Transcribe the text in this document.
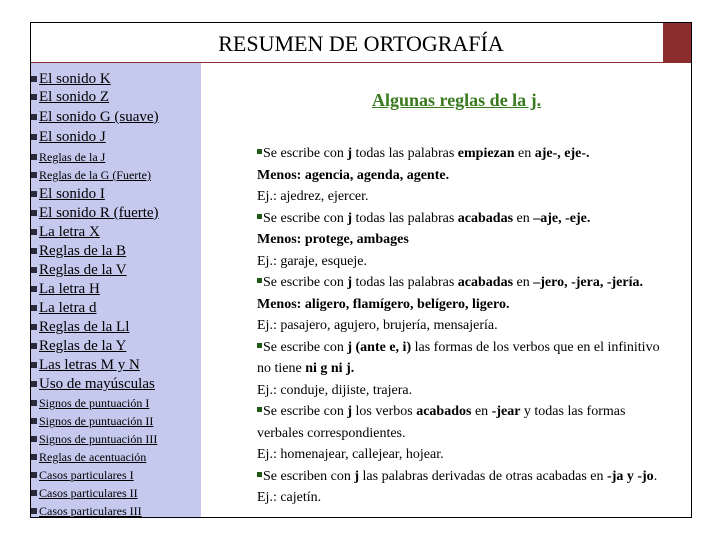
RESUMEN DE ORTOGRAFÍA
El sonido K
El sonido Z
El sonido G (suave)
El sonido J
Reglas de la J
Reglas de la G (Fuerte)
El sonido I
El sonido R (fuerte)
La letra X
Reglas de la B
Reglas de la V
La letra H
La letra d
Reglas de la Ll
Reglas de la Y
Las letras M y N
Uso de mayúsculas
Signos de puntuación I
Signos de puntuación II
Signos de puntuación III
Reglas de acentuación
Casos particulares I
Casos particulares II
Casos particulares III
Algunas reglas de la j.

Se escribe con j todas las palabras empiezan en aje-, eje-.

Menos: agencia, agenda, agente.

Ej.: ajedrez, ejercer.

Se escribe con j todas las palabras acabadas en –aje, -eje.

Menos: protege, ambages

Ej.: garaje, esqueje.

Se escribe con j todas las palabras acabadas en –jero, -jera, -jería. Menos: aligero, flamígero, belígero, ligero.

Ej.: pasajero, agujero, brujería, mensajería.

Se escribe con j (ante e, i) las formas de los verbos que en el infinitivo no tiene ni g ni j.

Ej.: conduje, dijiste, trajera.

Se escribe con j los verbos acabados en -jear y todas las formas verbales correspondientes.

Ej.: homenajear, callejear, hojear.

Se escriben con j las palabras derivadas de otras acabadas en -ja y -jo. Ej.: cajetín.
